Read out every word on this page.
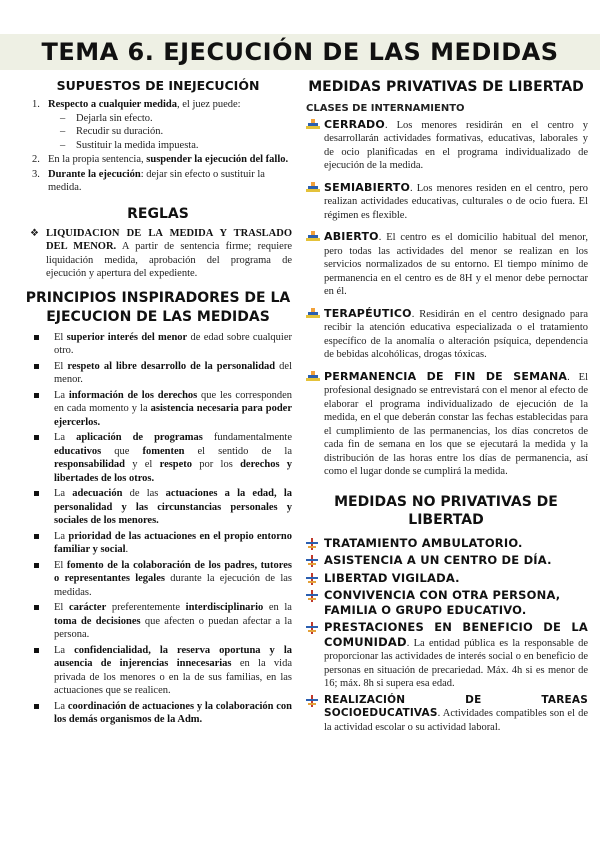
TEMA 6. EJECUCIÓN DE LAS MEDIDAS
SUPUESTOS DE INEJECUCIÓN
1. Respecto a cualquier medida, el juez puede:
– Dejarla sin efecto.
– Recudir su duración.
– Sustituir la medida impuesta.
2. En la propia sentencia, suspender la ejecución del fallo.
3. Durante la ejecución: dejar sin efecto o sustituir la medida.
REGLAS
❖ LIQUIDACION DE LA MEDIDA Y TRASLADO DEL MENOR. A partir de sentencia firme; requiere liquidación medida, aprobación del programa de ejecución y apertura del expediente.
PRINCIPIOS INSPIRADORES DE LA EJECUCION DE LAS MEDIDAS
El superior interés del menor de edad sobre cualquier otro.
El respeto al libre desarrollo de la personalidad del menor.
La información de los derechos que les corresponden en cada momento y la asistencia necesaria para poder ejercerlos.
La aplicación de programas fundamentalmente educativos que fomenten el sentido de la responsabilidad y el respeto por los derechos y libertades de los otros.
La adecuación de las actuaciones a la edad, la personalidad y las circunstancias personales y sociales de los menores.
La prioridad de las actuaciones en el propio entorno familiar y social.
El fomento de la colaboración de los padres, tutores o representantes legales durante la ejecución de las medidas.
El carácter preferentemente interdisciplinario en la toma de decisiones que afecten o puedan afectar a la persona.
La confidencialidad, la reserva oportuna y la ausencia de injerencias innecesarias en la vida privada de los menores o en la de sus familias, en las actuaciones que se realicen.
La coordinación de actuaciones y la colaboración con los demás organismos de la Adm.
MEDIDAS PRIVATIVAS DE LIBERTAD
CLASES DE INTERNAMIENTO
CERRADO. Los menores residirán en el centro y desarrollarán actividades formativas, educativas, laborales y de ocio planificadas en el programa individualizado de ejecución de la medida.
SEMIABIERTO. Los menores residen en el centro, pero realizan actividades educativas, culturales o de ocio fuera. El régimen es flexible.
ABIERTO. El centro es el domicilio habitual del menor, pero todas las actividades del menor se realizan en los servicios normalizados de su entorno. El tiempo mínimo de permanencia en el centro es de 8H y el menor debe pernoctar en él.
TERAPÉUTICO. Residirán en el centro designado para recibir la atención educativa especializada o el tratamiento específico de la anomalía o alteración psíquica, dependencia de bebidas alcohólicas, drogas tóxicas.
PERMANENCIA DE FIN DE SEMANA. El profesional designado se entrevistará con el menor al efecto de elaborar el programa individualizado de ejecución de la medida, en el que deberán constar las fechas establecidas para el cumplimiento de las permanencias, los días concretos de cada fin de semana en los que se ejecutará la medida y la distribución de las horas entre los días de permanencia, así como el lugar donde se cumplirá la medida.
MEDIDAS NO PRIVATIVAS DE LIBERTAD
TRATAMIENTO AMBULATORIO.
ASISTENCIA A UN CENTRO DE DÍA.
LIBERTAD VIGILADA.
CONVIVENCIA CON OTRA PERSONA, FAMILIA O GRUPO EDUCATIVO.
PRESTACIONES EN BENEFICIO DE LA COMUNIDAD. La entidad pública es la responsable de proporcionar las actividades de interés social o en beneficio de personas en situación de precariedad. Máx. 4h si es menor de 16; máx. 8h si supera esa edad.
REALIZACIÓN DE TAREAS SOCIOEDUCATIVAS. Actividades compatibles son el de la actividad escolar o su actividad laboral.
